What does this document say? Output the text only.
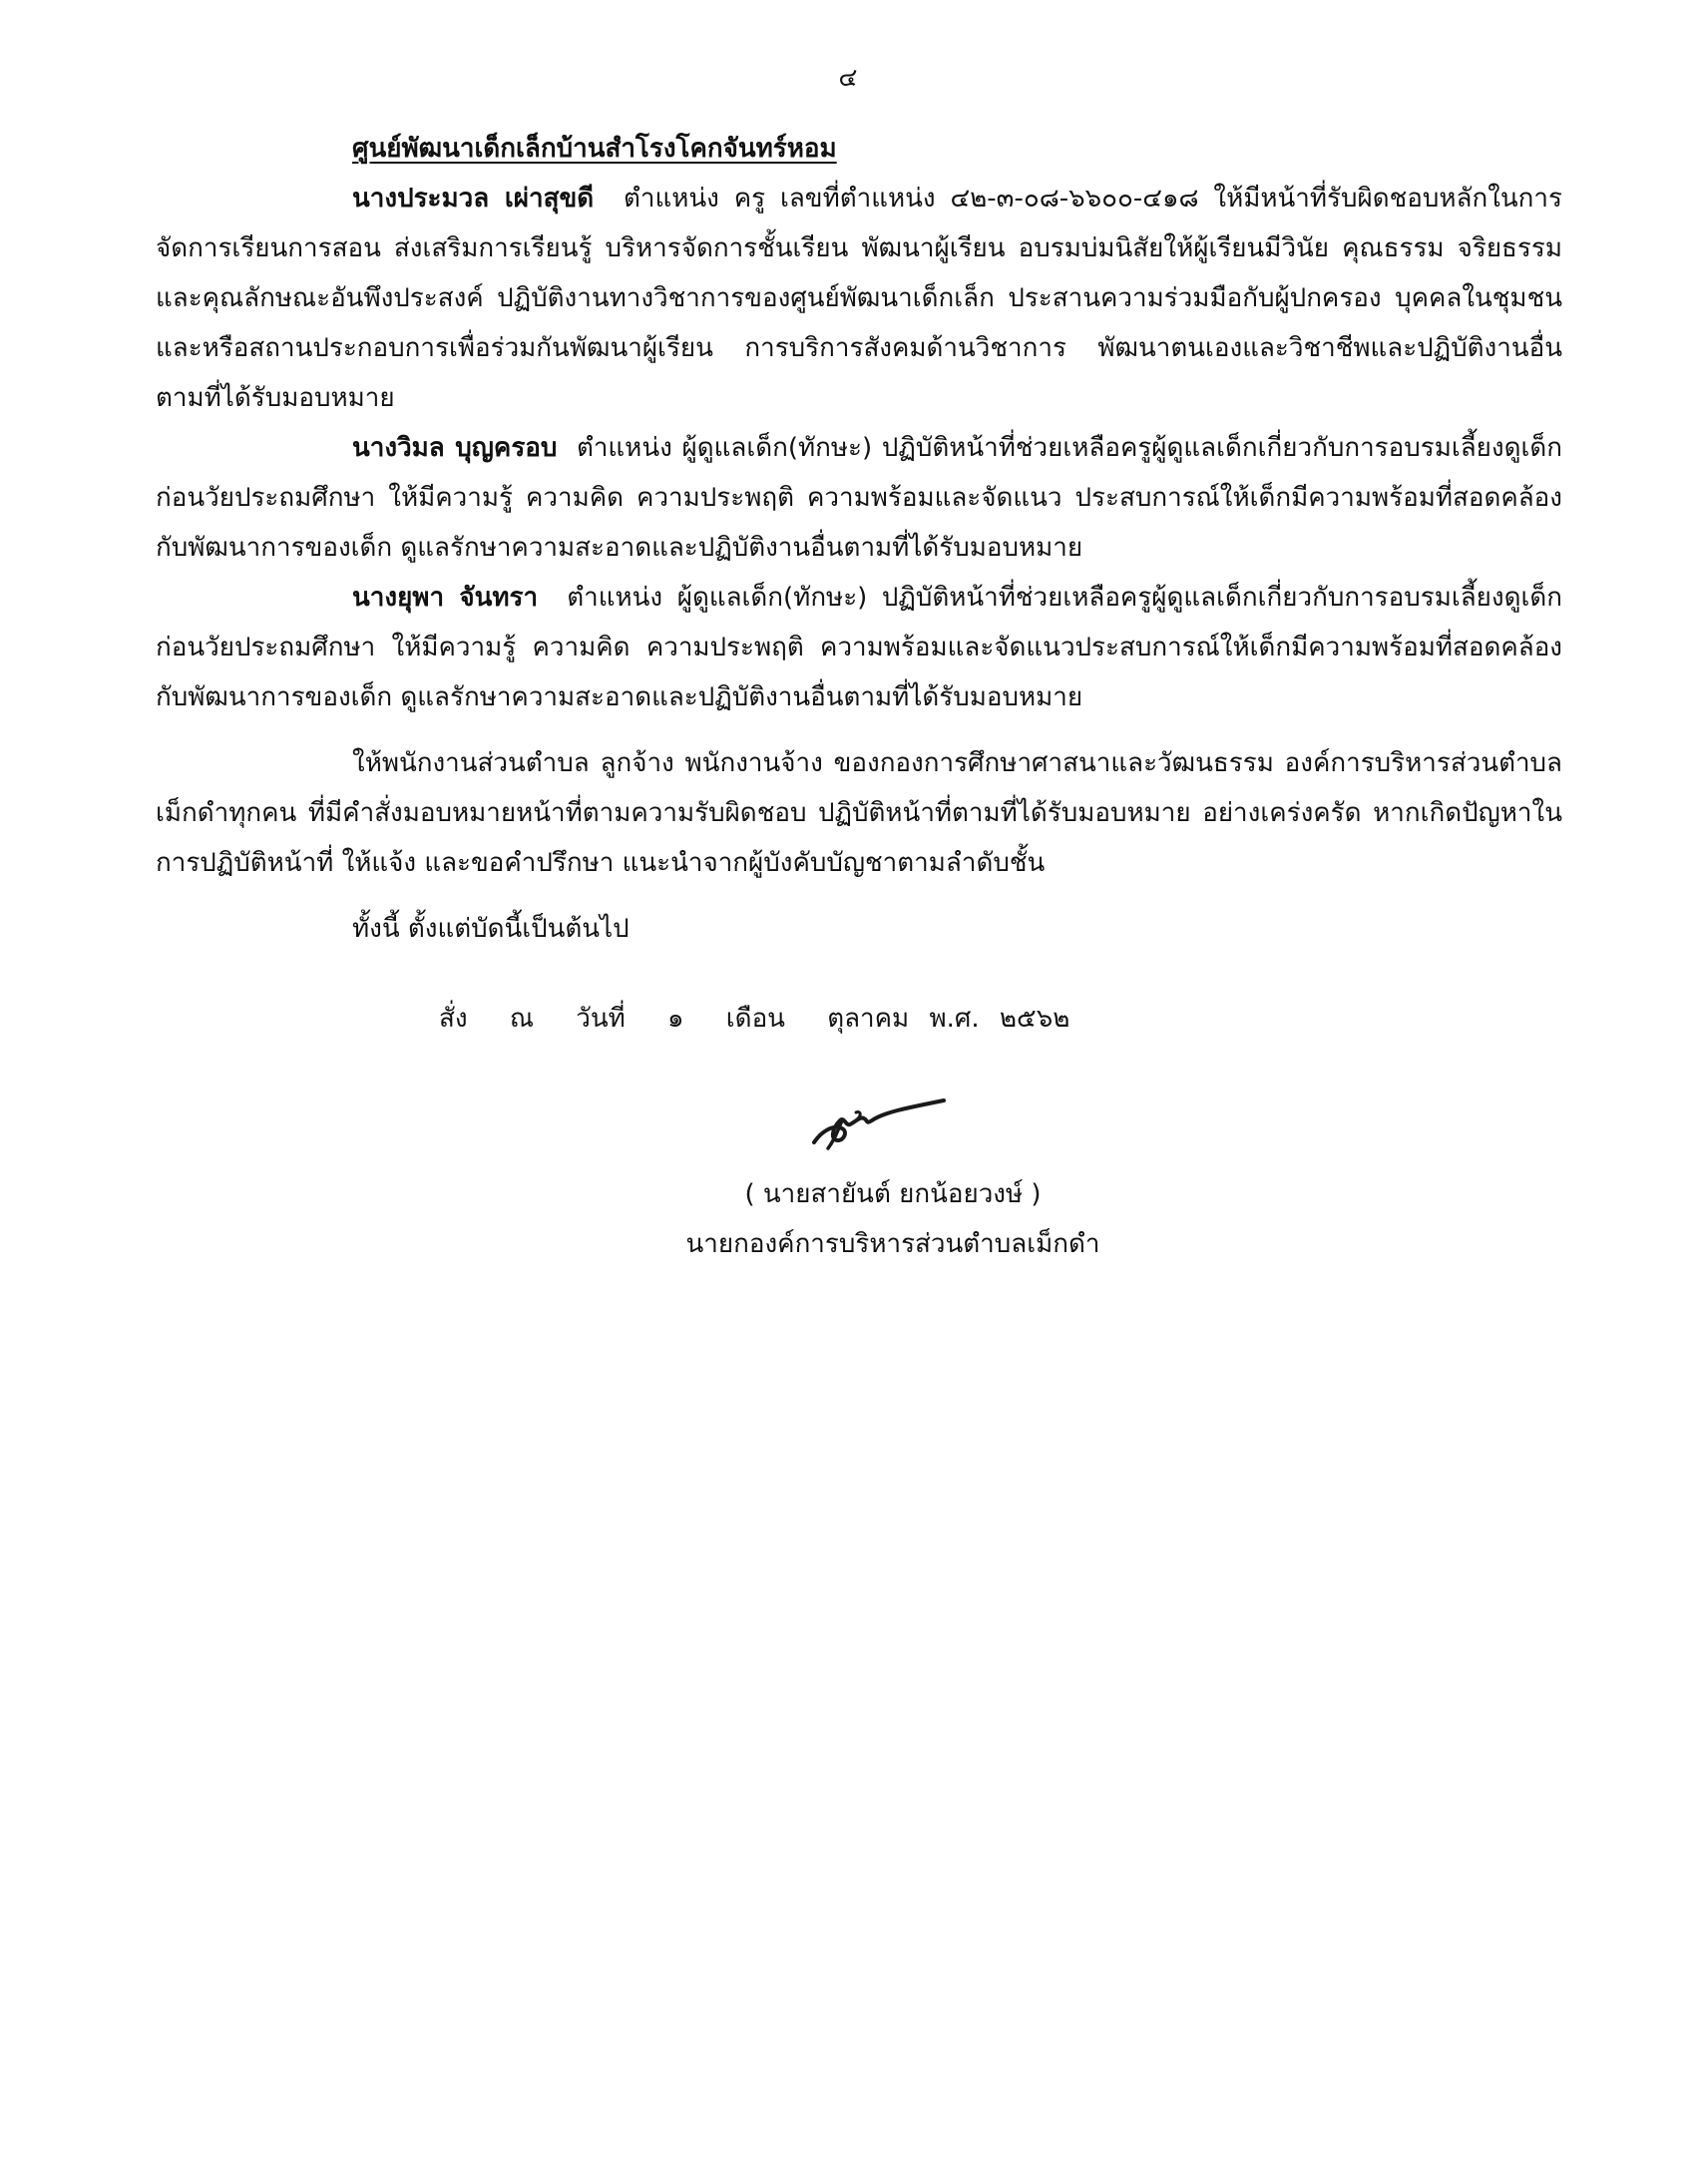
๔
ศูนย์พัฒนาเด็กเล็กบ้านสำโรงโคกจันทร์หอม

นางประมวล เผ่าสุขดี ตำแหน่ง ครู เลขที่ตำแหน่ง ๔๒-๓-๐๘-๖๖๐๐-๔๑๘ ให้มีหน้าที่รับผิดชอบหลักในการจัดการเรียนการสอน ส่งเสริมการเรียนรู้ บริหารจัดการชั้นเรียน พัฒนาผู้เรียน อบรมบ่มนิสัยให้ผู้เรียนมีวินัย คุณธรรม จริยธรรม และคุณลักษณะอันพึงประสงค์ ปฏิบัติงานทางวิชาการของศูนย์พัฒนาเด็กเล็ก ประสานความร่วมมือกับผู้ปกครอง บุคคลในชุมชน และหรือสถานประกอบการเพื่อร่วมกันพัฒนาผู้เรียน การบริการสังคมด้านวิชาการ พัฒนาตนเองและวิชาชีพและปฏิบัติงานอื่นตามที่ได้รับมอบหมาย

นางวิมล บุญครอบ ตำแหน่ง ผู้ดูแลเด็ก(ทักษะ) ปฏิบัติหน้าที่ช่วยเหลือครูผู้ดูแลเด็กเกี่ยวกับการอบรมเลี้ยงดูเด็กก่อนวัยประถมศึกษา ให้มีความรู้ ความคิด ความประพฤติ ความพร้อมและจัดแนว ประสบการณ์ให้เด็กมีความพร้อมที่สอดคล้องกับพัฒนาการของเด็ก ดูแลรักษาความสะอาดและปฏิบัติงานอื่นตามที่ได้รับมอบหมาย

นางยุพา จันทรา ตำแหน่ง ผู้ดูแลเด็ก(ทักษะ) ปฏิบัติหน้าที่ช่วยเหลือครูผู้ดูแลเด็กเกี่ยวกับการอบรมเลี้ยงดูเด็กก่อนวัยประถมศึกษา ให้มีความรู้ ความคิด ความประพฤติ ความพร้อมและจัดแนวประสบการณ์ให้เด็กมีความพร้อมที่สอดคล้องกับพัฒนาการของเด็ก ดูแลรักษาความสะอาดและปฏิบัติงานอื่นตามที่ได้รับมอบหมาย

ให้พนักงานส่วนตำบล ลูกจ้าง พนักงานจ้าง ของกองการศึกษาศาสนาและวัฒนธรรม องค์การบริหารส่วนตำบลเม็กดำทุกคน ที่มีคำสั่งมอบหมายหน้าที่ตามความรับผิดชอบ ปฏิบัติหน้าที่ตามที่ได้รับมอบหมาย อย่างเคร่งครัด หากเกิดปัญหาในการปฏิบัติหน้าที่ ให้แจ้ง และขอคำปรึกษา แนะนำจากผู้บังคับบัญชาตามลำดับชั้น

ทั้งนี้ ตั้งแต่บัดนี้เป็นต้นไป
สั่ง ณ วันที่ ๑ เดือน ตุลาคม พ.ศ. ๒๕๖๒
( นายสายันต์ ยกน้อยวงษ์ )
นายกองค์การบริหารส่วนตำบลเม็กดำ
